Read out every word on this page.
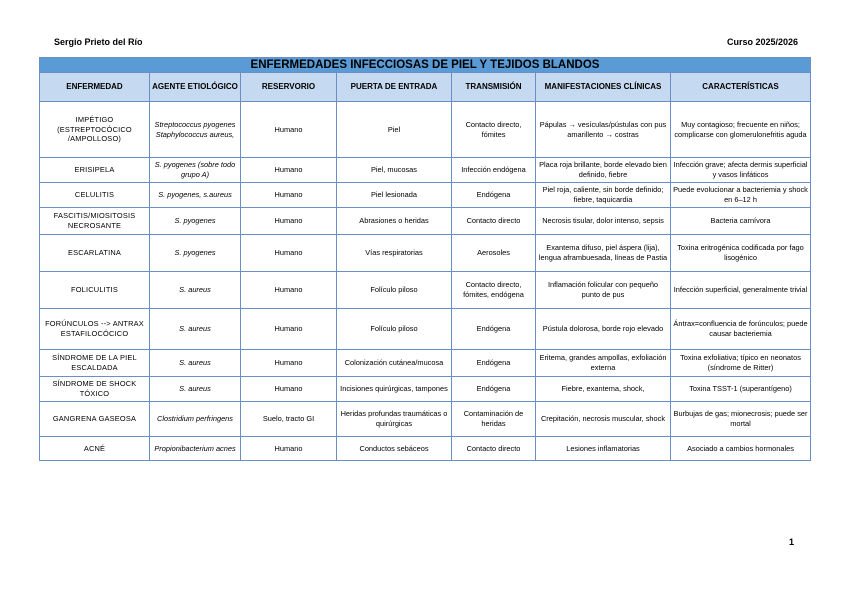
Sergio Prieto del Río	Curso 2025/2026
ENFERMEDADES INFECCIOSAS DE PIEL Y TEJIDOS BLANDOS						
ENFERMEDAD	AGENTE ETIOLÓGICO	RESERVORIO	PUERTA DE ENTRADA	TRANSMISIÓN	MANIFESTACIONES CLÍNICAS	CARACTERÍSTICAS
IMPÉTIGO (ESTREPTOCÓCICO /AMPOLLOSO)	Streptococcus pyogenes Staphylococcus aureus,	Humano	Piel	Contacto directo, fómites	Pápulas → vesículas/pústulas con pus amarillento → costras	Muy contagioso; frecuente en niños; complicarse con glomerulonefritis aguda
ERISIPELA	S. pyogenes (sobre todo grupo A)	Humano	Piel, mucosas	Infección endógena	Placa roja brillante, borde elevado bien definido, fiebre	Infección grave; afecta dermis superficial y vasos linfáticos
CELULITIS	S. pyogenes, s.aureus	Humano	Piel lesionada	Endógena	Piel roja, caliente, sin borde definido; fiebre, taquicardia	Puede evolucionar a bacteriemia y shock en 6–12 h
FASCITIS/MIOSITOSIS NECROSANTE	S. pyogenes	Humano	Abrasiones o heridas	Contacto directo	Necrosis tisular, dolor intenso, sepsis	Bacteria carnívora
ESCARLATINA	S. pyogenes	Humano	Vías respiratorias	Aerosoles	Exantema difuso, piel áspera (lija), lengua aframbuesada, líneas de Pastia	Toxina eritrogénica codificada por fago lisogénico
FOLICULITIS	S. aureus	Humano	Folículo piloso	Contacto directo, fómites, endógena	Inflamación folicular con pequeño punto de pus	Infección superficial, generalmente trivial
FORÚNCULOS --> ANTRAX ESTAFILOCÓCICO	S. aureus	Humano	Folículo piloso	Endógena	Pústula dolorosa, borde rojo elevado	Ántrax=confluencia de forúnculos; puede causar bacteriemia
SÍNDROME DE LA PIEL ESCALDADA	S. aureus	Humano	Colonización cutánea/mucosa	Endógena	Eritema, grandes ampollas, exfoliación externa	Toxina exfoliativa; típico en neonatos (síndrome de Ritter)
SÍNDROME DE SHOCK TÓXICO	S. aureus	Humano	Incisiones quirúrgicas, tampones	Endógena	Fiebre, exantema, shock,	Toxina TSST-1 (superantígeno)
GANGRENA GASEOSA	Clostridium perfringens	Suelo, tracto GI	Heridas profundas traumáticas o quirúrgicas	Contaminación de heridas	Crepitación, necrosis muscular, shock	Burbujas de gas; mionecrosis; puede ser mortal
ACNÉ	Propionibacterium acnes	Humano	Conductos sebáceos	Contacto directo	Lesiones inflamatorias	Asociado a cambios hormonales
1
